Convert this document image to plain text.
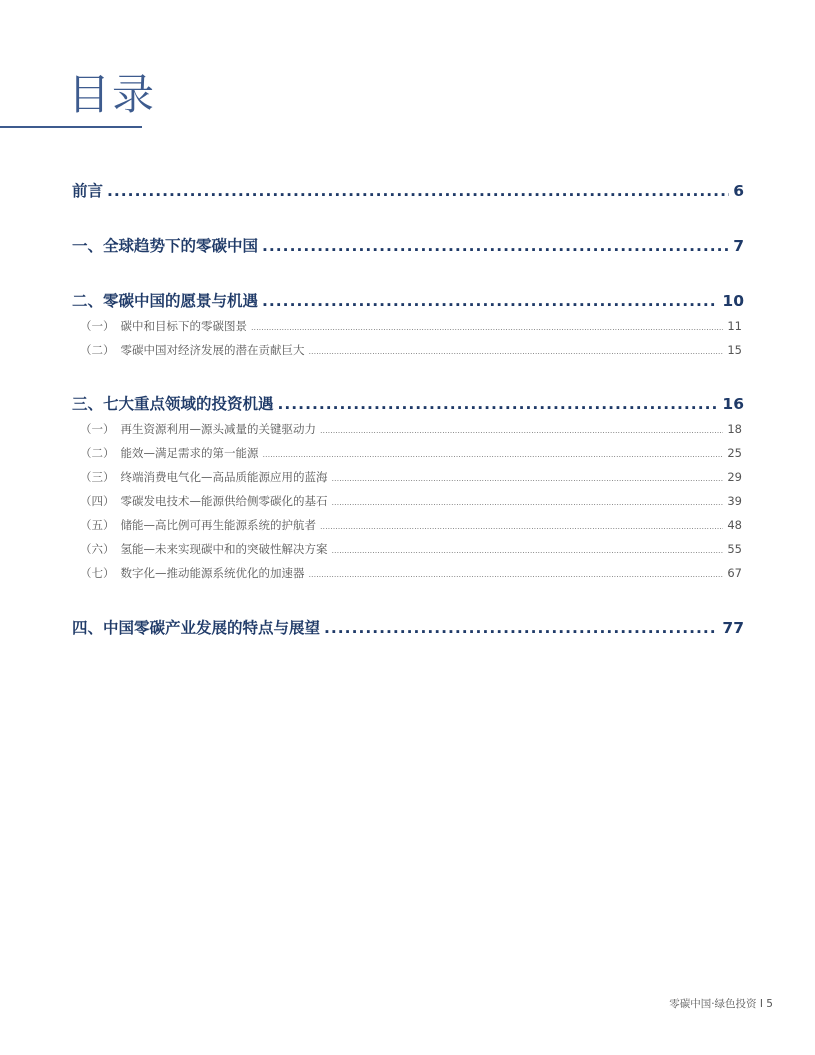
目录
前言 .....	6
一、全球趋势下的零碳中国 .....	7
二、零碳中国的愿景与机遇 .....	10
（一） 碳中和目标下的零碳图景 .....	11
（二） 零碳中国对经济发展的潜在贡献巨大 .....	15
三、七大重点领域的投资机遇 .....	16
（一） 再生资源利用—源头减量的关键驱动力 .....	18
（二） 能效—满足需求的第一能源 .....	25
（三） 终端消费电气化—高品质能源应用的蓝海 .....	29
（四） 零碳发电技术—能源供给侧零碳化的基石 .....	39
（五） 储能—高比例可再生能源系统的护航者 .....	48
（六） 氢能—未来实现碳中和的突破性解决方案 .....	55
（七） 数字化—推动能源系统优化的加速器 .....	67
四、中国零碳产业发展的特点与展望 .....	77
零碳中国·绿色投资 I 5
